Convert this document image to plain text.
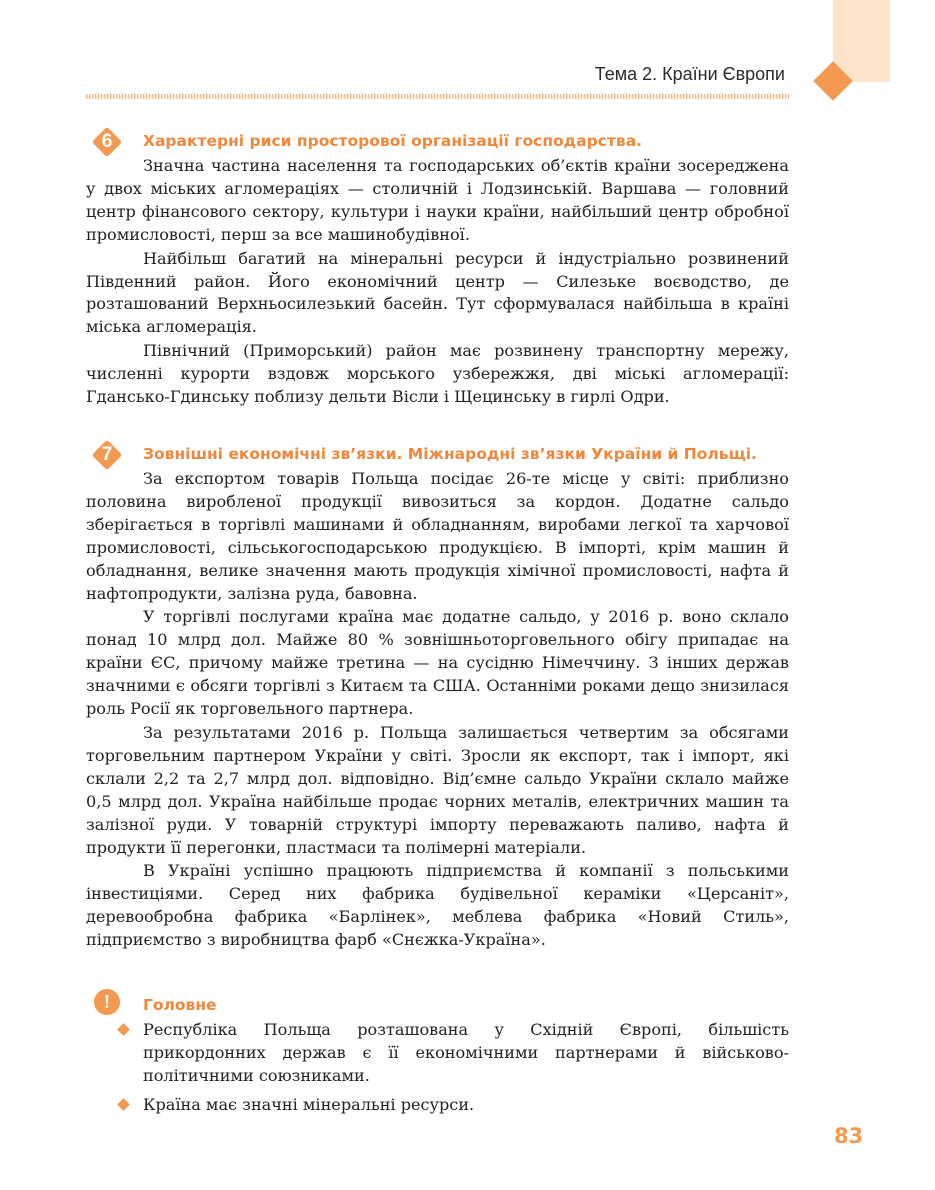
Тема 2. Країни Європи
6	Характерні риси просторової організації господарства.

Значна частина населення та господарських об’єктів країни зосереджена у двох міських агломераціях — столичній і Лодзинській. Варшава — головний центр фінансового сектору, культури і науки країни, найбільший центр обробної промисловості, перш за все машинобудівної.

Найбільш багатий на мінеральні ресурси й індустріально розвинений Південний район. Його економічний центр — Силезьке воєводство, де розташований Верхньосилезький басейн. Тут сформувалася найбільша в країні міська агломерація.

Північний (Приморський) район має розвинену транспортну мережу, численні курорти вздовж морського узбережжя, дві міські агломерації: Гданcько-Гдинську поблизу дельти Вісли і Щецинську в гирлі Одри.

7	Зовнішні економічні зв’язки. Міжнародні зв’язки України й Польщі.

За експортом товарів Польща посідає 26-те місце у світі: приблизно половина виробленої продукції вивозиться за кордон. Додатне сальдо зберігається в торгівлі машинами й обладнанням, виробами легкої та харчової промисловості, сільськогосподарською продукцією. В імпорті, крім машин й обладнання, велике значення мають продукція хімічної промисловості, нафта й нафтопродукти, залізна руда, бавовна.

У торгівлі послугами країна має додатне сальдо, у 2016 р. воно склало понад 10 млрд дол. Майже 80 % зовнішньоторговельного обігу припадає на країни ЄС, причому майже третина — на сусідню Німеччину. З інших держав значними є обсяги торгівлі з Китаєм та США. Останніми роками дещо знизилася роль Росії як торговельного партнера.

За результатами 2016 р. Польща залишається четвертим за обсягами торговельним партнером України у світі. Зросли як експорт, так і імпорт, які склали 2,2 та 2,7 млрд дол. відповідно. Від’ємне сальдо України склало майже 0,5 млрд дол. Україна найбільше продає чорних металів, електричних машин та залізної руди. У товарній структурі імпорту переважають паливо, нафта й продукти її перегонки, пластмаси та полімерні матеріали.

В Україні успішно працюють підприємства й компанії з польськими інвестиціями. Серед них фабрика будівельної кераміки «Церсаніт», деревообробна фабрика «Барлінек», меблева фабрика «Новий Стиль», підприємство з виробництва фарб «Снєжка-Україна».

!	Головне
Республіка Польща розташована у Східній Європі, більшість прикордонних держав є її економічними партнерами й військово-політичними союзниками.
Країна має значні мінеральні ресурси.
83
